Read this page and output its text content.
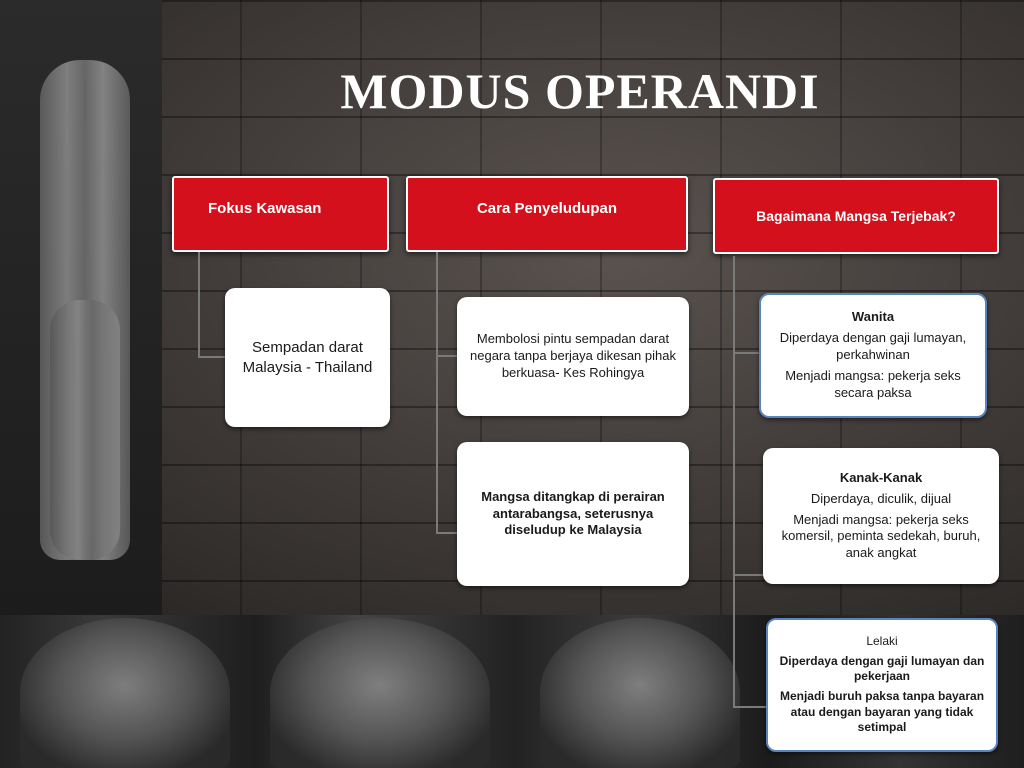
MODUS OPERANDI
Fokus Kawasan

Sempadan darat Malaysia - Thailand

Cara Penyeludupan

Membolosi pintu sempadan darat negara tanpa berjaya dikesan pihak berkuasa- Kes Rohingya

Mangsa ditangkap di perairan antarabangsa, seterusnya diseludup ke Malaysia

Bagaimana Mangsa Terjebak?

Wanita

Diperdaya dengan gaji lumayan, perkahwinan

Menjadi mangsa: pekerja seks secara paksa

Kanak-Kanak

Diperdaya, diculik, dijual

Menjadi mangsa: pekerja seks komersil, peminta sedekah, buruh, anak angkat

Lelaki

Diperdaya dengan gaji lumayan dan pekerjaan

Menjadi buruh paksa tanpa bayaran atau dengan bayaran yang tidak setimpal
